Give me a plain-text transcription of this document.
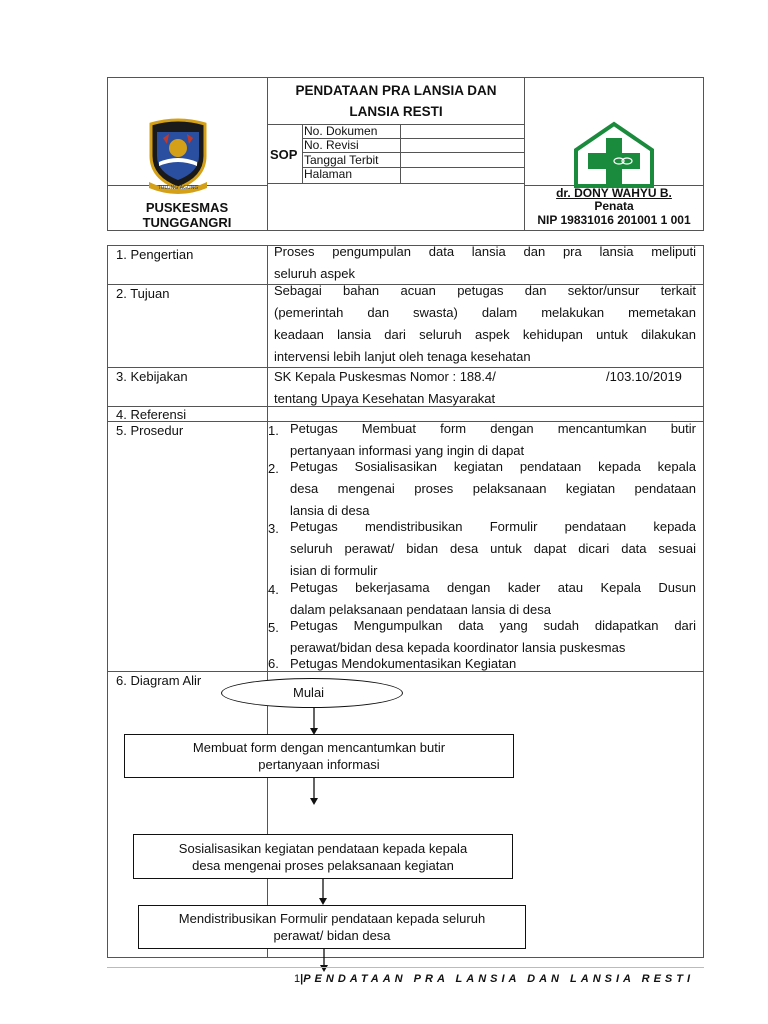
PENDATAAN PRA LANSIA DAN
LANSIA RESTI
SOP
No. Dokumen
No. Revisi
Tanggal Terbit
Halaman
TULUNG AGUNG
PUSKESMAS
TUNGGANGRI
dr. DONY WAHYU B.
Penata
NIP 19831016 201001 1 001
1. Pengertian
2. Tujuan
3. Kebijakan
4. Referensi
5. Prosedur
6. Diagram Alir
Proses pengumpulan data lansia dan pra lansia meliputi
seluruh aspek
Sebagai bahan acuan petugas dan sektor/unsur terkait
(pemerintah dan swasta) dalam melakukan memetakan
keadaan lansia dari seluruh aspek kehidupan untuk dilakukan
intervensi lebih lanjut oleh tenaga kesehatan
SK Kepala Puskesmas Nomor : 188.4/	/103.10/2019
tentang Upaya Kesehatan Masyarakat
1. Petugas Membuat form dengan mencantumkan butir
pertanyaan informasi yang ingin di dapat
2. Petugas Sosialisasikan kegiatan pendataan kepada kepala
desa mengenai proses pelaksanaan kegiatan pendataan
lansia di desa
3. Petugas mendistribusikan Formulir pendataan kepada
seluruh perawat/ bidan desa untuk dapat dicari data sesuai
isian di formulir
4. Petugas bekerjasama dengan kader atau Kepala Dusun
dalam pelaksanaan pendataan lansia di desa
5. Petugas Mengumpulkan data yang sudah didapatkan dari
perawat/bidan desa kepada koordinator lansia puskesmas
6. Petugas Mendokumentasikan Kegiatan
Mulai
Membuat form dengan mencantumkan butir
pertanyaan informasi
Sosialisasikan kegiatan pendataan kepada kepala
desa mengenai proses pelaksanaan kegiatan
Mendistribusikan Formulir pendataan kepada seluruh
perawat/ bidan desa
1|PENDATAAN PRA LANSIA DAN LANSIA RESTI
